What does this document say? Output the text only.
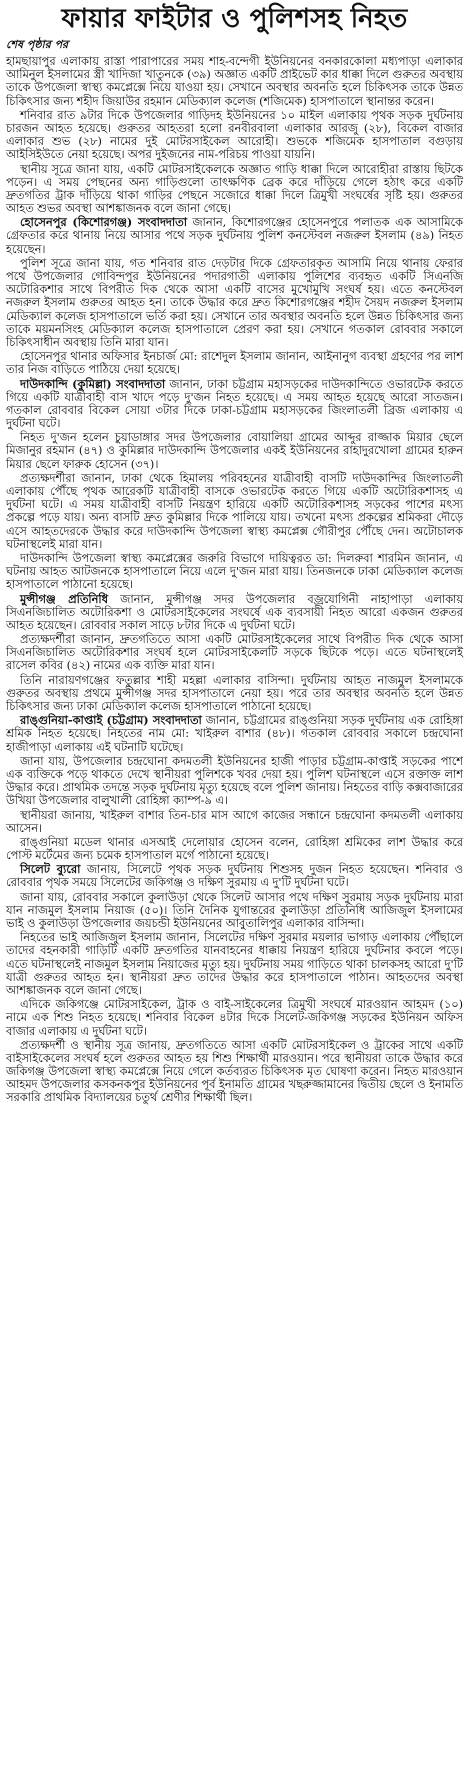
ফায়ার ফাইটার ও পুলিশসহ নিহত
শেষ পৃষ্ঠার পর

হামছায়াপুর এলাকায় রাস্তা পারাপারের সময় শাহ-বন্দেগী ইউনিয়নের বনকারকোলা মধ্যপাড়া এলাকার আমিনুল ইসলামের স্ত্রী খাদিজা খাতুনকে (৩৯) অজ্ঞাত একটি প্রাইভেট কার ধাক্কা দিলে গুরুতর অবস্থায় তাকে উপজেলা স্বাস্থ্য কমপ্লেক্সে নিয়ে যাওয়া হয়। সেখানে অবস্থার অবনতি হলে চিকিৎসক তাকে উন্নত চিকিৎসার জন্য শহীদ জিয়াউর রহমান মেডিক্যাল কলেজ (শজিমেক) হাসপাতালে স্থানান্তর করেন।

শনিবার রাত ৯টার দিকে উপজেলার গাড়িদহ ইউনিয়নের ১০ মাইল এলাকায় পৃথক সড়ক দুর্ঘটনায় চারজন আহত হয়েছে। গুরুতর আহতরা হলো রনবীরবালা এলাকার আরজু (২৮), বিকেল বাজার এলাকার শুভ (২৮) নামের দুই মোটরসাইকেল আরোহী। শুভকে শজিমেক হাসপাতাল বগুড়ায় আইসিইউতে নেয়া হয়েছে। অপর দুইজনের নাম-পরিচয় পাওয়া যায়নি।

স্থানীয় সূত্রে জানা যায়, একটি মোটরসাইকেলকে অজ্ঞাত গাড়ি ধাক্কা দিলে আরোহীরা রাস্তায় ছিটকে পড়েন। এ সময় পেছনের অন্য গাড়িগুলো তাৎক্ষণিক ব্রেক করে দাঁড়িয়ে গেলে হঠাৎ করে একটি দ্রুতগতির ট্রাক দাঁড়িয়ে থাকা গাড়ির পেছনে সজোরে ধাক্কা দিলে ত্রিমুখী সংঘর্ষের সৃষ্টি হয়। গুরুতর আহত শুভর অবস্থা আশঙ্কাজনক বলে জানা গেছে।

হোসেনপুর (কিশোরগঞ্জ) সংবাদদাতা জানান, কিশোরগঞ্জের হোসেনপুরে পলাতক এক আসামিকে গ্রেফতার করে থানায় নিয়ে আসার পথে সড়ক দুর্ঘটনায় পুলিশ কনস্টেবল নজরুল ইসলাম (৪৯) নিহত হয়েছেন।

পুলিশ সূত্রে জানা যায়, গত শনিবার রাত দেড়টার দিকে গ্রেফতারকৃত আসামি নিয়ে থানায় ফেরার পথে উপজেলার গোবিন্দপুর ইউনিয়নের পদারগাতী এলাকায় পুলিশের ব্যবহৃত একটি সিএনজি অটোরিকশার সাথে বিপরীত দিক থেকে আসা একটি বাসের মুখোমুখি সংঘর্ষ হয়। এতে কনস্টেবল নজরুল ইসলাম গুরুতর আহত হন। তাকে উদ্ধার করে দ্রুত কিশোরগঞ্জের শহীদ সৈয়দ নজরুল ইসলাম মেডিক্যাল কলেজ হাসপাতালে ভর্তি করা হয়। সেখানে তার অবস্থার অবনতি হলে উন্নত চিকিৎসার জন্য তাকে ময়মনসিংহ মেডিক্যাল কলেজ হাসপাতালে প্রেরণ করা হয়। সেখানে গতকাল রোববার সকালে চিকিৎসাধীন অবস্থায় তিনি মারা যান।

হোসেনপুর থানার অফিসার ইনচার্জ মো: রাশেদুল ইসলাম জানান, আইনানুগ ব্যবস্থা গ্রহণের পর লাশ তার নিজ বাড়িতে পাঠিয়ে দেয়া হয়েছে।

দাউদকান্দি (কুমিল্লা) সংবাদদাতা জানান, ঢাকা চট্টগ্রাম মহাসড়কের দাউদকান্দিতে ওভারটেক করতে গিয়ে একটি যাত্রীবাহী বাস খাদে পড়ে দু'জন নিহত হয়েছে। এ সময় আহত হয়েছে আরো সাতজন। গতকাল রোববার বিকেল সোয়া ৩টার দিকে ঢাকা-চট্টগ্রাম মহাসড়কের জিংলাতলী ব্রিজ এলাকায় এ দুর্ঘটনা ঘটে।

নিহত দু'জন হলেন চুয়াডাঙ্গার সদর উপজেলার বোয়ালিয়া গ্রামের আব্দুর রাজ্জাক মিয়ার ছেলে মিজানুর রহমান (৪৭) ও কুমিল্লার দাউদকান্দি উপজেলার একই ইউনিয়নের রাহাদুরখোলা গ্রামের হারুন মিয়ার ছেলে ফারুক হোসেন (৩৭)।

প্রত্যক্ষদর্শীরা জানান, ঢাকা থেকে হিমালয় পরিবহনের যাত্রীবাহী বাসটি দাউদকান্দির জিংলাতলী এলাকায় পৌঁছে পৃথক আরেকটি যাত্রীবাহী বাসকে ওভারটেক করতে গিয়ে একটি অটোরিকশাসহ এ দুর্ঘটনা ঘটে। এ সময় যাত্রীবাহী বাসটি নিয়ন্ত্রণ হারিয়ে একটি অটোরিকশাসহ সড়কের পাশের মৎস্য প্রকল্পে পড়ে যায়। অন্য বাসটি দ্রুত কুমিল্লার দিকে পালিয়ে যায়। তখনো মৎস্য প্রকল্পের শ্রমিকরা দৌড়ে এসে আহতদেরকে উদ্ধার করে দাউদকান্দি উপজেলা স্বাস্থ্য কমপ্লেক্স গৌরীপুর পৌঁছে দেন। অটোচালক ঘটনাস্থলেই মারা যান।

দাউদকান্দি উপজেলা স্বাস্থ্য কমপ্লেক্সের জরুরি বিভাগে দায়িত্বরত ডা: দিলরুবা শারমিন জানান, এ ঘটনায় আহত আটজনকে হাসপাতালে নিয়ে এলে দু'জন মারা যায়। তিনজনকে ঢাকা মেডিক্যাল কলেজ হাসপাতালে পাঠানো হয়েছে।

মুন্সীগঞ্জ প্রতিনিধি জানান, মুন্সীগঞ্জ সদর উপজেলার বজ্রযোগিনী নাহাপাড়া এলাকায় সিএনজিচালিত অটোরিকশা ও মোটরসাইকেলের সংঘর্ষে এক ব্যবসায়ী নিহত আরো একজন গুরুতর আহত হয়েছেন। রোববার সকাল সাড়ে ৮টার দিকে এ দুর্ঘটনা ঘটে।

প্রত্যক্ষদর্শীরা জানান, দ্রুতগতিতে আসা একটি মোটরসাইকেলের সাথে বিপরীত দিক থেকে আসা সিএনজিচালিত অটোরিকশার সংঘর্ষ হলে মোটরসাইকেলটি সড়কে ছিটকে পড়ে। এতে ঘটনাস্থলেই রাসেল কবির (৪২) নামের এক ব্যক্তি মারা যান।

তিনি নারায়ণগঞ্জের ফতুল্লার শাহী মহল্লা এলাকার বাসিন্দা। দুর্ঘটনায় আহত নাজমুল ইসলামকে গুরুতর অবস্থায় প্রথমে মুন্সীগঞ্জ সদর হাসপাতালে নেয়া হয়। পরে তার অবস্থার অবনতি হলে উন্নত চিকিৎসার জন্য ঢাকা মেডিক্যাল কলেজ হাসপাতালে পাঠানো হয়েছে।

রাঙ্গুনিয়া-কাপ্তাই (চট্টগ্রাম) সংবাদদাতা জানান, চট্টগ্রামের রাঙ্গুনিয়া সড়ক দুর্ঘটনায় এক রোহিঙ্গা শ্রমিক নিহত হয়েছে। নিহতের নাম মো: খাইরুল বাশার (৪৮)। গতকাল রোববার সকালে চন্দ্রঘোনা হাজীপাড়া এলাকায় এই ঘটনাটি ঘটেছে।

জানা যায়, উপজেলার চন্দ্রঘোনা কদমতলী ইউনিয়নের হাজী পাড়ার চট্টগ্রাম-কাপ্তাই সড়কের পাশে এক ব্যক্তিকে পড়ে থাকতে দেখে স্থানীয়রা পুলিশকে খবর দেয়া হয়। পুলিশ ঘটনাস্থলে এসে রক্তাক্ত লাশ উদ্ধার করে। প্রাথমিক তদন্তে সড়ক দুর্ঘটনায় মৃত্যু হয়েছে বলে পুলিশ জানায়। নিহতের বাড়ি কক্সবাজারের উখিয়া উপজেলার বালুখালী রোহিঙ্গা ক্যাম্প-৯ এ।

স্থানীয়রা জানায়, খাইরুল বাশার তিন-চার মাস আগে কাজের সন্ধানে চন্দ্রঘোনা কদমতলী এলাকায় আসেন।

রাঙ্গুনিয়া মডেল থানার এসআই দেলোয়ার হোসেন বলেন, রোহিঙ্গা শ্রমিকের লাশ উদ্ধার করে পোস্ট মর্টেমের জন্য চমেক হাসপাতাল মর্গে পাঠানো হয়েছে।

সিলেট ব্যুরো জানায়, সিলেটে পৃথক সড়ক দুর্ঘটনায় শিশুসহ দুজন নিহত হয়েছেন। শনিবার ও রোববার পৃথক সময়ে সিলেটের জকিগঞ্জ ও দক্ষিণ সুরমায় এ দু'টি দুর্ঘটনা ঘটে।

জানা যায়, রোববার সকালে কুলাউড়া থেকে সিলেট আসার পথে দক্ষিণ সুরমায় সড়ক দুর্ঘটনায় মারা যান নাজমুল ইসলাম নিয়াজ (৫০)। তিনি দৈনিক যুগান্তরের কুলাউড়া প্রতিনিধি আজিজুল ইসলামের ভাই ও কুলাউড়া উপজেলার জয়চন্ডী ইউনিয়নের আবুতালিপুর এলাকার বাসিন্দা।

নিহতের ভাই আজিজুল ইসলাম জানান, সিলেটের দক্ষিণ সুরমার ময়লার ভাগাড় এলাকায় পৌঁছালে তাদের বহনকারী গাড়িটি একটি দ্রুতগতির যানবাহনের ধাক্কায় নিয়ন্ত্রণ হারিয়ে দুর্ঘটনার কবলে পড়ে। এতে ঘটনাস্থলেই নাজমুল ইসলাম নিয়াজের মৃত্যু হয়। দুর্ঘটনায় সময় গাড়িতে থাকা চালকসহ আরো দু'টি যাত্রী গুরুতর আহত হন। স্থানীয়রা দ্রুত তাদের উদ্ধার করে হাসপাতালে পাঠান। আহতদের অবস্থা আশঙ্কাজনক বলে জানা গেছে।

এদিকে জকিগঞ্জে মোটরসাইকেল, ট্রাক ও বাই-সাইকেলের ত্রিমুখী সংঘর্ষে মারওয়ান আহমদ (১০) নামে এক শিশু নিহত হয়েছে। শনিবার বিকেল ৪টার দিকে সিলেট-জকিগঞ্জ সড়কের ইউনিয়ন অফিস বাজার এলাকায় এ দুর্ঘটনা ঘটে।

প্রত্যক্ষদর্শী ও স্থানীয় সূত্র জানায়, দ্রুতগতিতে আসা একটি মোটরসাইকেল ও ট্রাকের সাথে একটি বাইসাইকেলের সংঘর্ষ হলে গুরুতর আহত হয় শিশু শিক্ষার্থী মারওয়ান। পরে স্থানীয়রা তাকে উদ্ধার করে জকিগঞ্জ উপজেলা স্বাস্থ্য কমপ্লেক্সে নিয়ে গেলে কর্তব্যরত চিকিৎসক মৃত ঘোষণা করেন। নিহত মারওয়ান আহমদ উপজেলার কসকনকপুর ইউনিয়নের পূর্ব ইনামতি গ্রামের খছরুজ্জামানের দ্বিতীয় ছেলে ও ইনামতি সরকারি প্রাথমিক বিদ্যালয়ের চতুর্থ শ্রেণীর শিক্ষার্থী ছিল।
